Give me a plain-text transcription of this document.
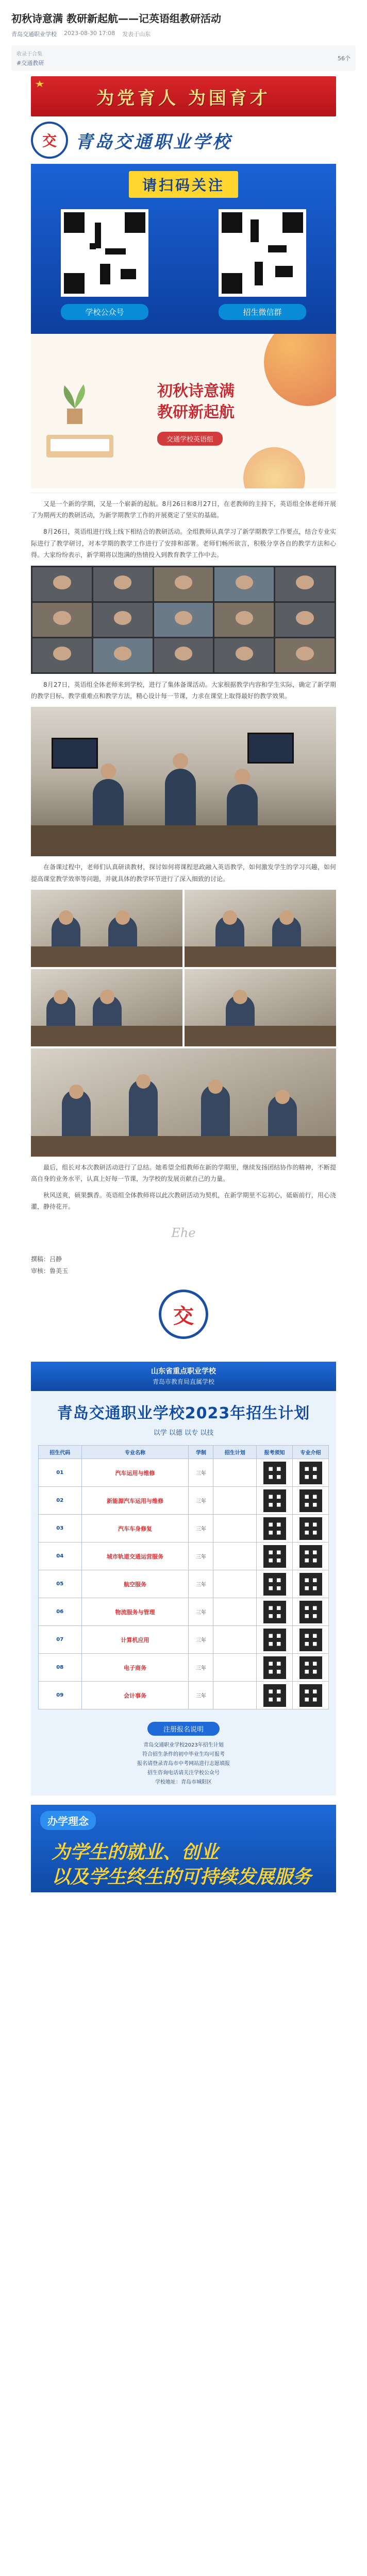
初秋诗意满 教研新起航——记英语组教研活动
青岛交通职业学校 2023-08-30 17:08 发表于山东
收录于合集
#交通教研
56个
为党育人 为国育才
交 青岛交通职业学校
请扫码关注
学校公众号	招生微信群
初秋诗意满
教研新起航
交通学校英语组

又是一个新的学期，又是一个崭新的起航。8月26日和8月27日，在老教师的主持下，英语组全体老师开展了为期两天的教研活动，为新学期教学工作的开展奠定了坚实的基础。

8月26日，英语组进行线上线下相结合的教研活动。全组教师认真学习了新学期教学工作要点，结合专业实际进行了教学研讨，对本学期的教学工作进行了安排和部署。老师们畅所欲言，积极分享各自的教学方法和心得。大家纷纷表示，新学期将以饱满的热情投入到教育教学工作中去。

8月27日，英语组全体老师来到学校，进行了集体备课活动。大家根据教学内容和学生实际，确定了新学期的教学目标、教学重难点和教学方法，精心设计每一节课，力求在课堂上取得最好的教学效果。

在备课过程中，老师们认真研读教材，探讨如何将课程思政融入英语教学，如何激发学生的学习兴趣，如何提高课堂教学效率等问题，并就具体的教学环节进行了深入细致的讨论。

最后，组长对本次教研活动进行了总结。她希望全组教师在新的学期里，继续发扬团结协作的精神，不断提高自身的业务水平，认真上好每一节课，为学校的发展贡献自己的力量。

秋风送爽，硕果飘香。英语组全体教师将以此次教研活动为契机，在新学期里不忘初心，砥砺前行，用心浇灌，静待花开。

Ehe
撰稿：吕静
审核：鲁美玉
交
山东省重点职业学校
青岛市教育局直属学校
青岛交通职业学校2023年招生计划
以学 以德 以专 以技
招生代码	专业名称	学制	招生计划	报考须知	专业介绍
01	汽车运用与维修	三年		

02	新能源汽车运用与维修	三年		

03	汽车车身修复	三年		

04	城市轨道交通运营服务	三年		

05	航空服务	三年		

06	物流服务与管理	三年		

07	计算机应用	三年		

08	电子商务	三年		

09	会计事务	三年		

注册报名说明
青岛交通职业学校2023年招生计划
符合招生条件的初中毕业生均可报考
报名请登录青岛市中考网站进行志愿填报
招生咨询电话请关注学校公众号
学校地址：青岛市城阳区
办学理念
为学生的就业、创业
以及学生终生的可持续发展服务
